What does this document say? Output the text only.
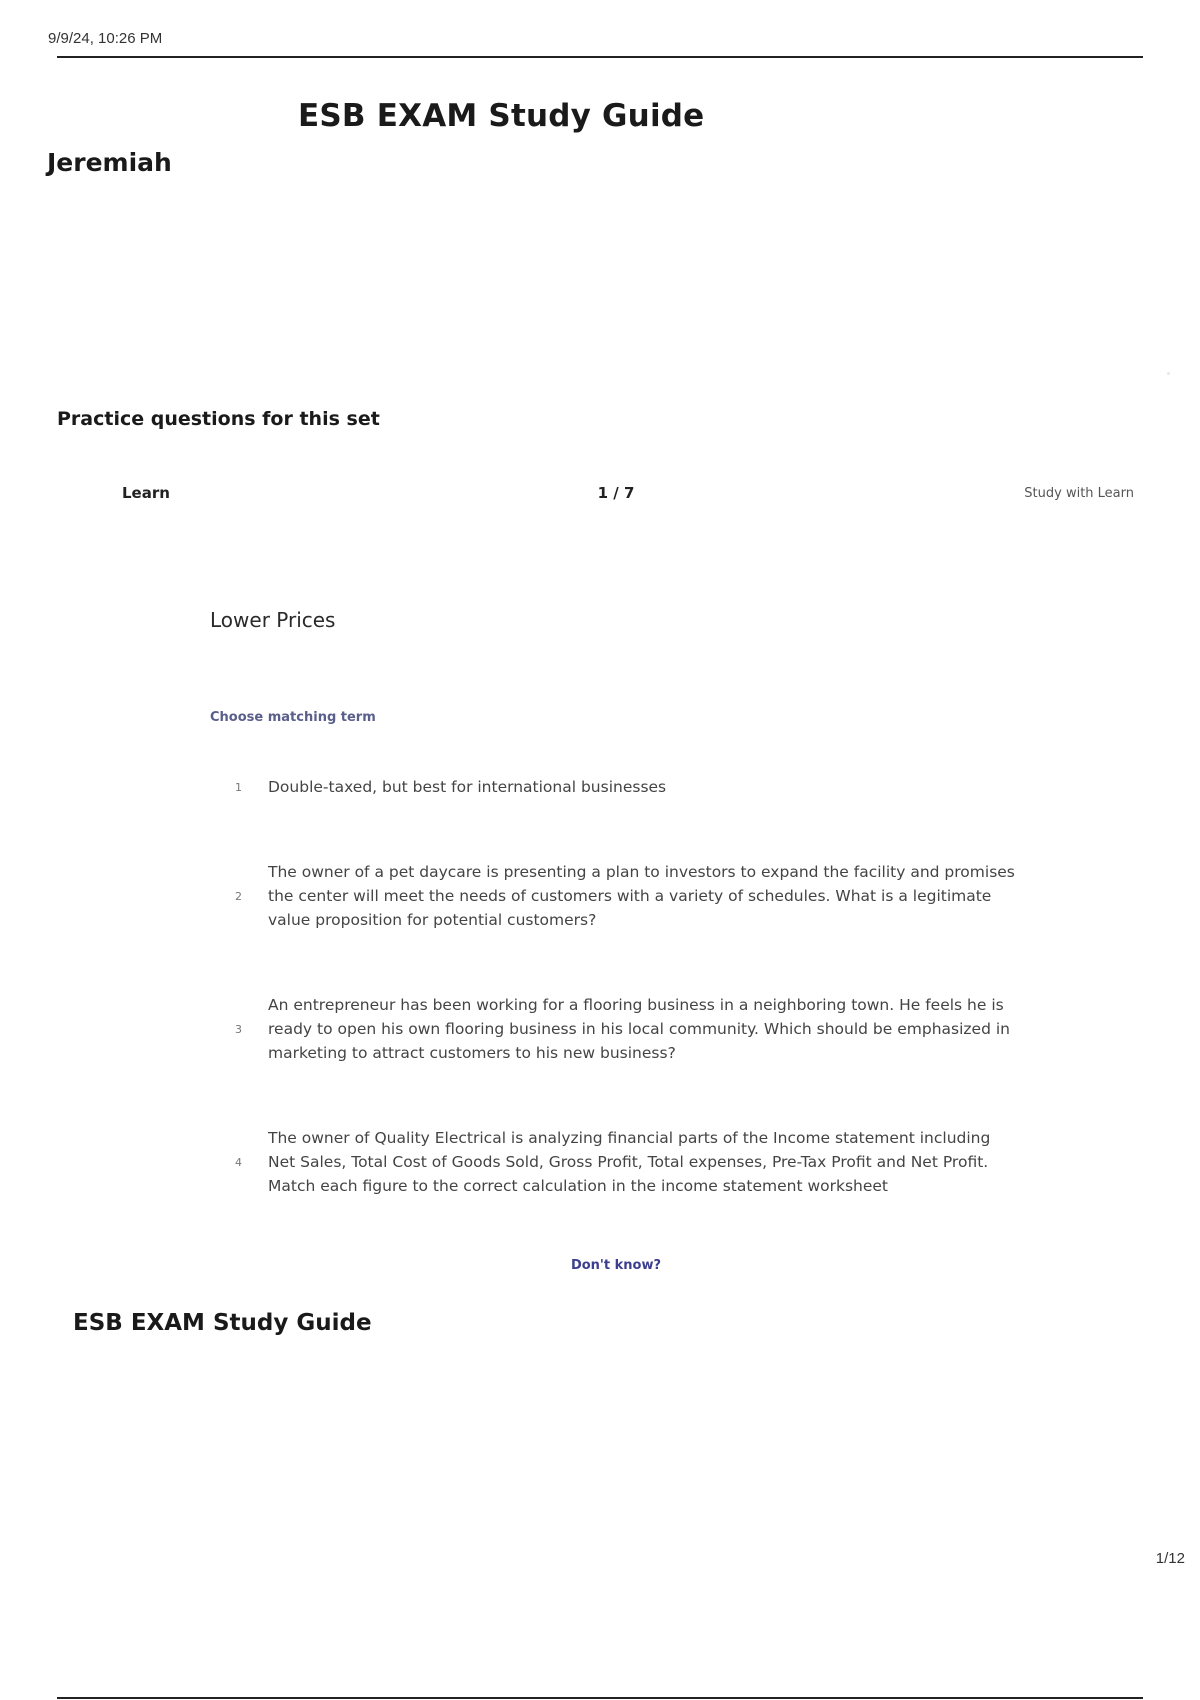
9/9/24, 10:26 PM
ESB EXAM Study Guide
Jeremiah
Practice questions for this set
Learn	1 / 7	Study with Learn
Lower Prices
Choose matching term
1	Double-taxed, but best for international businesses
2
The owner of a pet daycare is presenting a plan to investors to expand the facility and promises the center will meet the needs of customers with a variety of schedules. What is a legitimate value proposition for potential customers?
3
An entrepreneur has been working for a flooring business in a neighboring town. He feels he is ready to open his own flooring business in his local community. Which should be emphasized in marketing to attract customers to his new business?
4
The owner of Quality Electrical is analyzing financial parts of the Income statement including Net Sales, Total Cost of Goods Sold, Gross Profit, Total expenses, Pre-Tax Profit and Net Profit. Match each figure to the correct calculation in the income statement worksheet
Don't know?
ESB EXAM Study Guide
1/12
